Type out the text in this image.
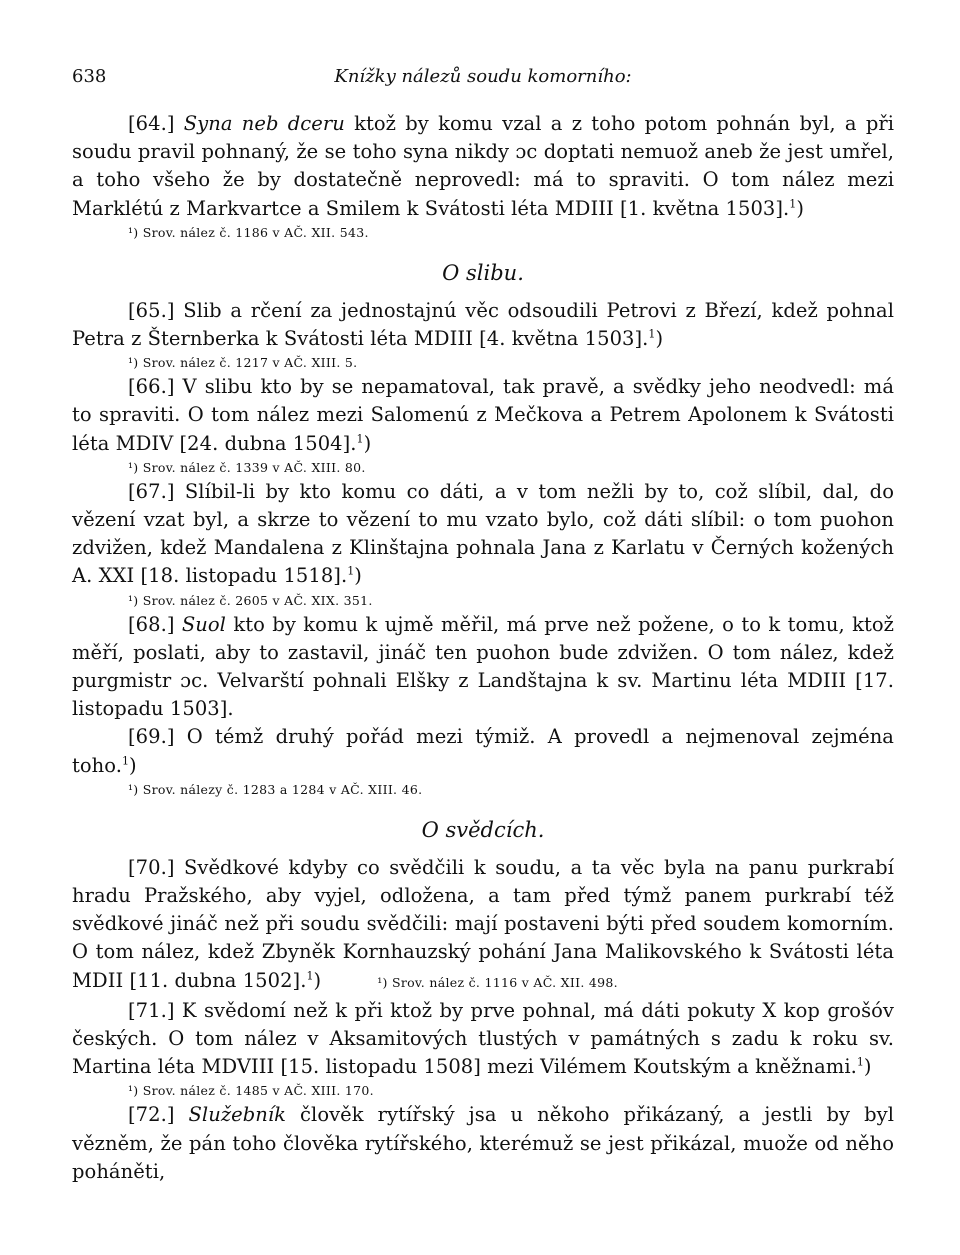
638	Knížky nálezů soudu komorního:

[64.] Syna neb dceru ktož by komu vzal a z toho potom pohnán byl, a při soudu pravil pohnaný, že se toho syna nikdy ɔc doptati nemuož aneb že jest umřel, a toho všeho že by dostatečně neprovedl: má to spraviti. O tom nález mezi Marklétú z Markvartce a Smilem k Svátosti léta MDIII [1. května 1503].$^1$)

¹) Srov. nález č. 1186 v AČ. XII. 543.

O slibu.

[65.] Slib a rčení za jednostajnú věc odsoudili Petrovi z Březí, kdež pohnal Petra z Šternberka k Svátosti léta MDIII [4. května 1503].$^1$)

¹) Srov. nález č. 1217 v AČ. XIII. 5.

[66.] V slibu kto by se nepamatoval, tak pravě, a svědky jeho neodvedl: má to spraviti. O tom nález mezi Salomenú z Mečkova a Petrem Apolonem k Svátosti léta MDIV [24. dubna 1504].$^1$)

¹) Srov. nález č. 1339 v AČ. XIII. 80.

[67.] Slíbil-li by kto komu co dáti, a v tom nežli by to, což slíbil, dal, do vězení vzat byl, a skrze to vězení to mu vzato bylo, což dáti slíbil: o tom puohon zdvižen, kdež Mandalena z Klinštajna pohnala Jana z Karlatu v Černých kožených A. XXI [18. listopadu 1518].$^1$)

¹) Srov. nález č. 2605 v AČ. XIX. 351.

[68.] Suol kto by komu k ujmě měřil, má prve než požene, o to k tomu, ktož měří, poslati, aby to zastavil, jináč ten puohon bude zdvižen. O tom nález, kdež purgmistr ɔc. Velvarští pohnali Elšky z Landštajna k sv. Martinu léta MDIII [17. listopadu 1503].

[69.] O témž druhý pořád mezi týmiž. A provedl a nejmenoval zejména toho.$^1$)

¹) Srov. nálezy č. 1283 a 1284 v AČ. XIII. 46.

O svědcích.

[70.] Svědkové kdyby co svědčili k soudu, a ta věc byla na panu purkrabí hradu Pražského, aby vyjel, odložena, a tam před týmž panem purkrabí též svědkové jináč než při soudu svědčili: mají postaveni býti před soudem komorním. O tom nález, kdež Zbyněk Kornhauzský pohání Jana Malikovského k Svátosti léta MDII [11. dubna 1502].$^1$)	¹) Srov. nález č. 1116 v AČ. XII. 498.

[71.] K svědomí než k při ktož by prve pohnal, má dáti pokuty X kop grošóv českých. O tom nález v Aksamitových tlustých v památných s zadu k roku sv. Martina léta MDVIII [15. listopadu 1508] mezi Vilémem Koutským a kněžnami.$^1$)

¹) Srov. nález č. 1485 v AČ. XIII. 170.

[72.] Služebník člověk rytířský jsa u někoho přikázaný, a jestli by byl vězněm, že pán toho člověka rytířského, kterémuž se jest přikázal, muože od něho poháněti,
